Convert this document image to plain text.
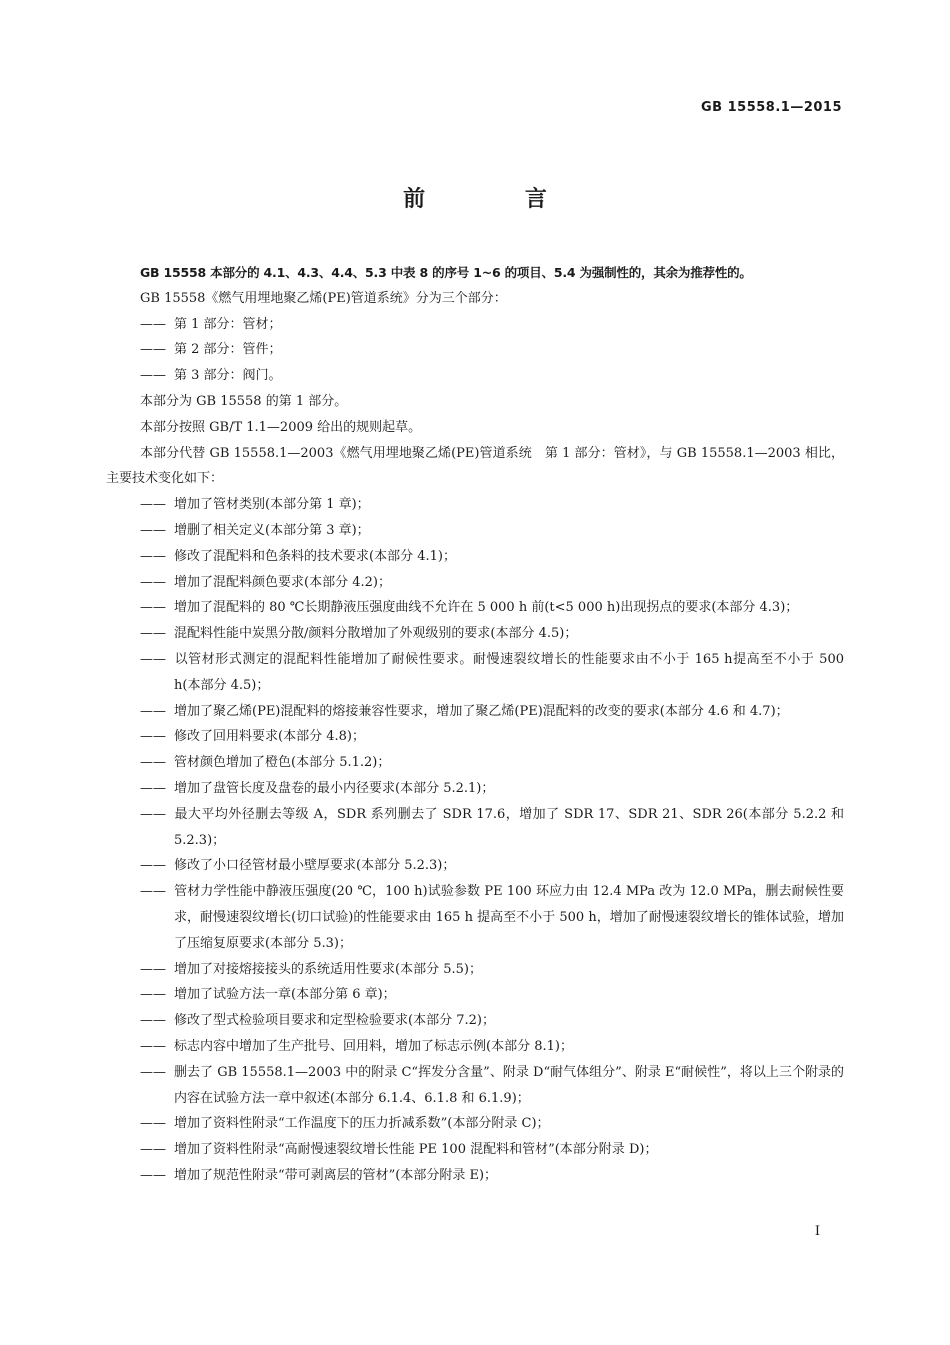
GB 15558.1—2015
前 言

GB 15558 本部分的 4.1、4.3、4.4、5.3 中表 8 的序号 1~6 的项目、5.4 为强制性的，其余为推荐性的。

GB 15558《燃气用埋地聚乙烯(PE)管道系统》分为三个部分：

—— 第 1 部分：管材；

—— 第 2 部分：管件；

—— 第 3 部分：阀门。

本部分为 GB 15558 的第 1 部分。

本部分按照 GB/T 1.1—2009 给出的规则起草。

本部分代替 GB 15558.1—2003《燃气用埋地聚乙烯(PE)管道系统　第 1 部分：管材》，与 GB 15558.1—2003 相比，主要技术变化如下：

—— 增加了管材类别(本部分第 1 章)；

—— 增删了相关定义(本部分第 3 章)；

—— 修改了混配料和色条料的技术要求(本部分 4.1)；

—— 增加了混配料颜色要求(本部分 4.2)；

—— 增加了混配料的 80 ℃长期静液压强度曲线不允许在 5 000 h 前(t<5 000 h)出现拐点的要求(本部分 4.3)；

—— 混配料性能中炭黑分散/颜料分散增加了外观级别的要求(本部分 4.5)；

—— 以管材形式测定的混配料性能增加了耐候性要求。耐慢速裂纹增长的性能要求由不小于 165 h提高至不小于 500 h(本部分 4.5)；

—— 增加了聚乙烯(PE)混配料的熔接兼容性要求，增加了聚乙烯(PE)混配料的改变的要求(本部分 4.6 和 4.7)；

—— 修改了回用料要求(本部分 4.8)；

—— 管材颜色增加了橙色(本部分 5.1.2)；

—— 增加了盘管长度及盘卷的最小内径要求(本部分 5.2.1)；

—— 最大平均外径删去等级 A，SDR 系列删去了 SDR 17.6，增加了 SDR 17、SDR 21、SDR 26(本部分 5.2.2 和 5.2.3)；

—— 修改了小口径管材最小壁厚要求(本部分 5.2.3)；

—— 管材力学性能中静液压强度(20 ℃，100 h)试验参数 PE 100 环应力由 12.4 MPa 改为 12.0 MPa，删去耐候性要求，耐慢速裂纹增长(切口试验)的性能要求由 165 h 提高至不小于 500 h，增加了耐慢速裂纹增长的锥体试验，增加了压缩复原要求(本部分 5.3)；

—— 增加了对接熔接接头的系统适用性要求(本部分 5.5)；

—— 增加了试验方法一章(本部分第 6 章)；

—— 修改了型式检验项目要求和定型检验要求(本部分 7.2)；

—— 标志内容中增加了生产批号、回用料，增加了标志示例(本部分 8.1)；

—— 删去了 GB 15558.1—2003 中的附录 C“挥发分含量”、附录 D“耐气体组分”、附录 E“耐候性”，将以上三个附录的内容在试验方法一章中叙述(本部分 6.1.4、6.1.8 和 6.1.9)；

—— 增加了资料性附录“工作温度下的压力折减系数”(本部分附录 C)；

—— 增加了资料性附录“高耐慢速裂纹增长性能 PE 100 混配料和管材”(本部分附录 D)；

—— 增加了规范性附录“带可剥离层的管材”(本部分附录 E)；

I
